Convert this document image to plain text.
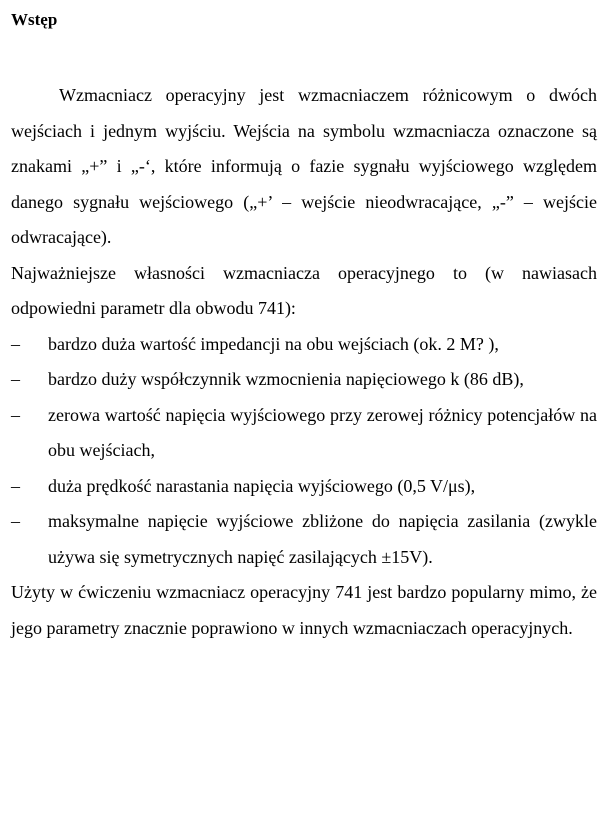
Wstęp

Wzmacniacz operacyjny jest wzmacniaczem różnicowym o dwóch wejściach i jednym wyjściu. Wejścia na symbolu wzmacniacza oznaczone są znakami „+” i „-‘, które informują o fazie sygnału wyjściowego względem danego sygnału wejściowego („+’ – wejście nieodwracające, „-” – wejście odwracające).

Najważniejsze własności wzmacniacza operacyjnego to (w nawiasach odpowiedni parametr dla obwodu 741):

– bardzo duża wartość impedancji na obu wejściach (ok. 2 M? ),
– bardzo duży współczynnik wzmocnienia napięciowego k (86 dB),
– zerowa wartość napięcia wyjściowego przy zerowej różnicy potencjałów na obu wejściach,
– duża prędkość narastania napięcia wyjściowego (0,5 V/μs),
– maksymalne napięcie wyjściowe zbliżone do napięcia zasilania (zwykle używa się symetrycznych napięć zasilających ±15V).

Użyty w ćwiczeniu wzmacniacz operacyjny 741 jest bardzo popularny mimo, że jego parametry znacznie poprawiono w innych wzmacniaczach operacyjnych.
